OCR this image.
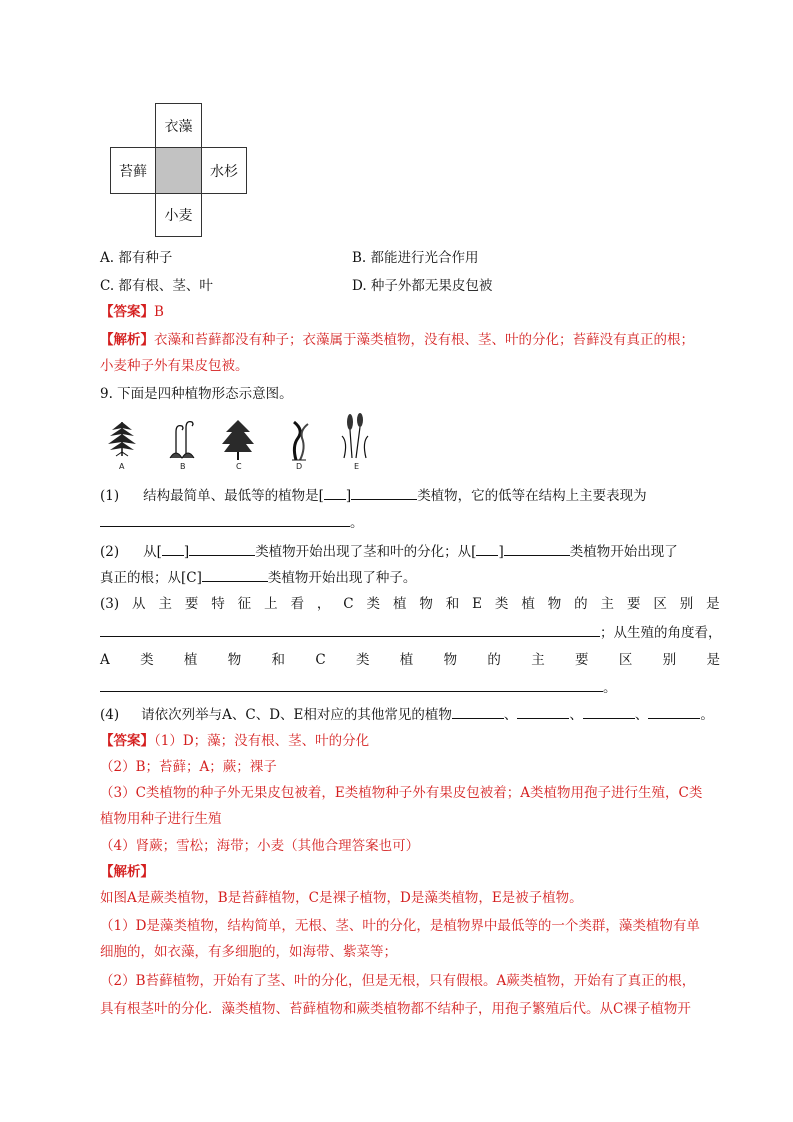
衣藻
苔藓	水杉
小麦
A. 都有种子	B. 都能进行光合作用
C. 都有根、茎、叶	D. 种子外都无果皮包被
【答案】B
【解析】衣藻和苔藓都没有种子；衣藻属于藻类植物，没有根、茎、叶的分化；苔藓没有真正的根；
小麦种子外有果皮包被。
9. 下面是四种植物形态示意图。
A	B	C	D	E
(1) 结构最简单、最低等的植物是[ ]	类植物，它的低等在结构上主要表现为
。
(2) 从[ ]	类植物开始出现了茎和叶的分化；从[ ]	类植物开始出现了
真正的根；从[C]	类植物开始出现了种子。
(3) 从 主 要 特 征 上 看 ， C 类 植 物 和 E 类 植 物 的 主 要 区 别 是
；从生殖的角度看，
A 类 植 物 和 C 类 植 物 的 主 要 区 别 是
。
(4) 请依次列举与A、C、D、E相对应的其他常见的植物	、	、	、	。
【答案】（1）D；藻；没有根、茎、叶的分化
（2）B；苔藓；A；蕨；裸子
（3）C类植物的种子外无果皮包被着，E类植物种子外有果皮包被着；A类植物用孢子进行生殖，C类
植物用种子进行生殖
（4）肾蕨；雪松；海带；小麦（其他合理答案也可）
【解析】
如图A是蕨类植物，B是苔藓植物，C是裸子植物，D是藻类植物，E是被子植物。
（1）D是藻类植物，结构简单，无根、茎、叶的分化，是植物界中最低等的一个类群，藻类植物有单
细胞的，如衣藻，有多细胞的，如海带、紫菜等；
（2）B苔藓植物，开始有了茎、叶的分化，但是无根，只有假根。A蕨类植物，开始有了真正的根，
具有根茎叶的分化．藻类植物、苔藓植物和蕨类植物都不结种子，用孢子繁殖后代。从C裸子植物开
